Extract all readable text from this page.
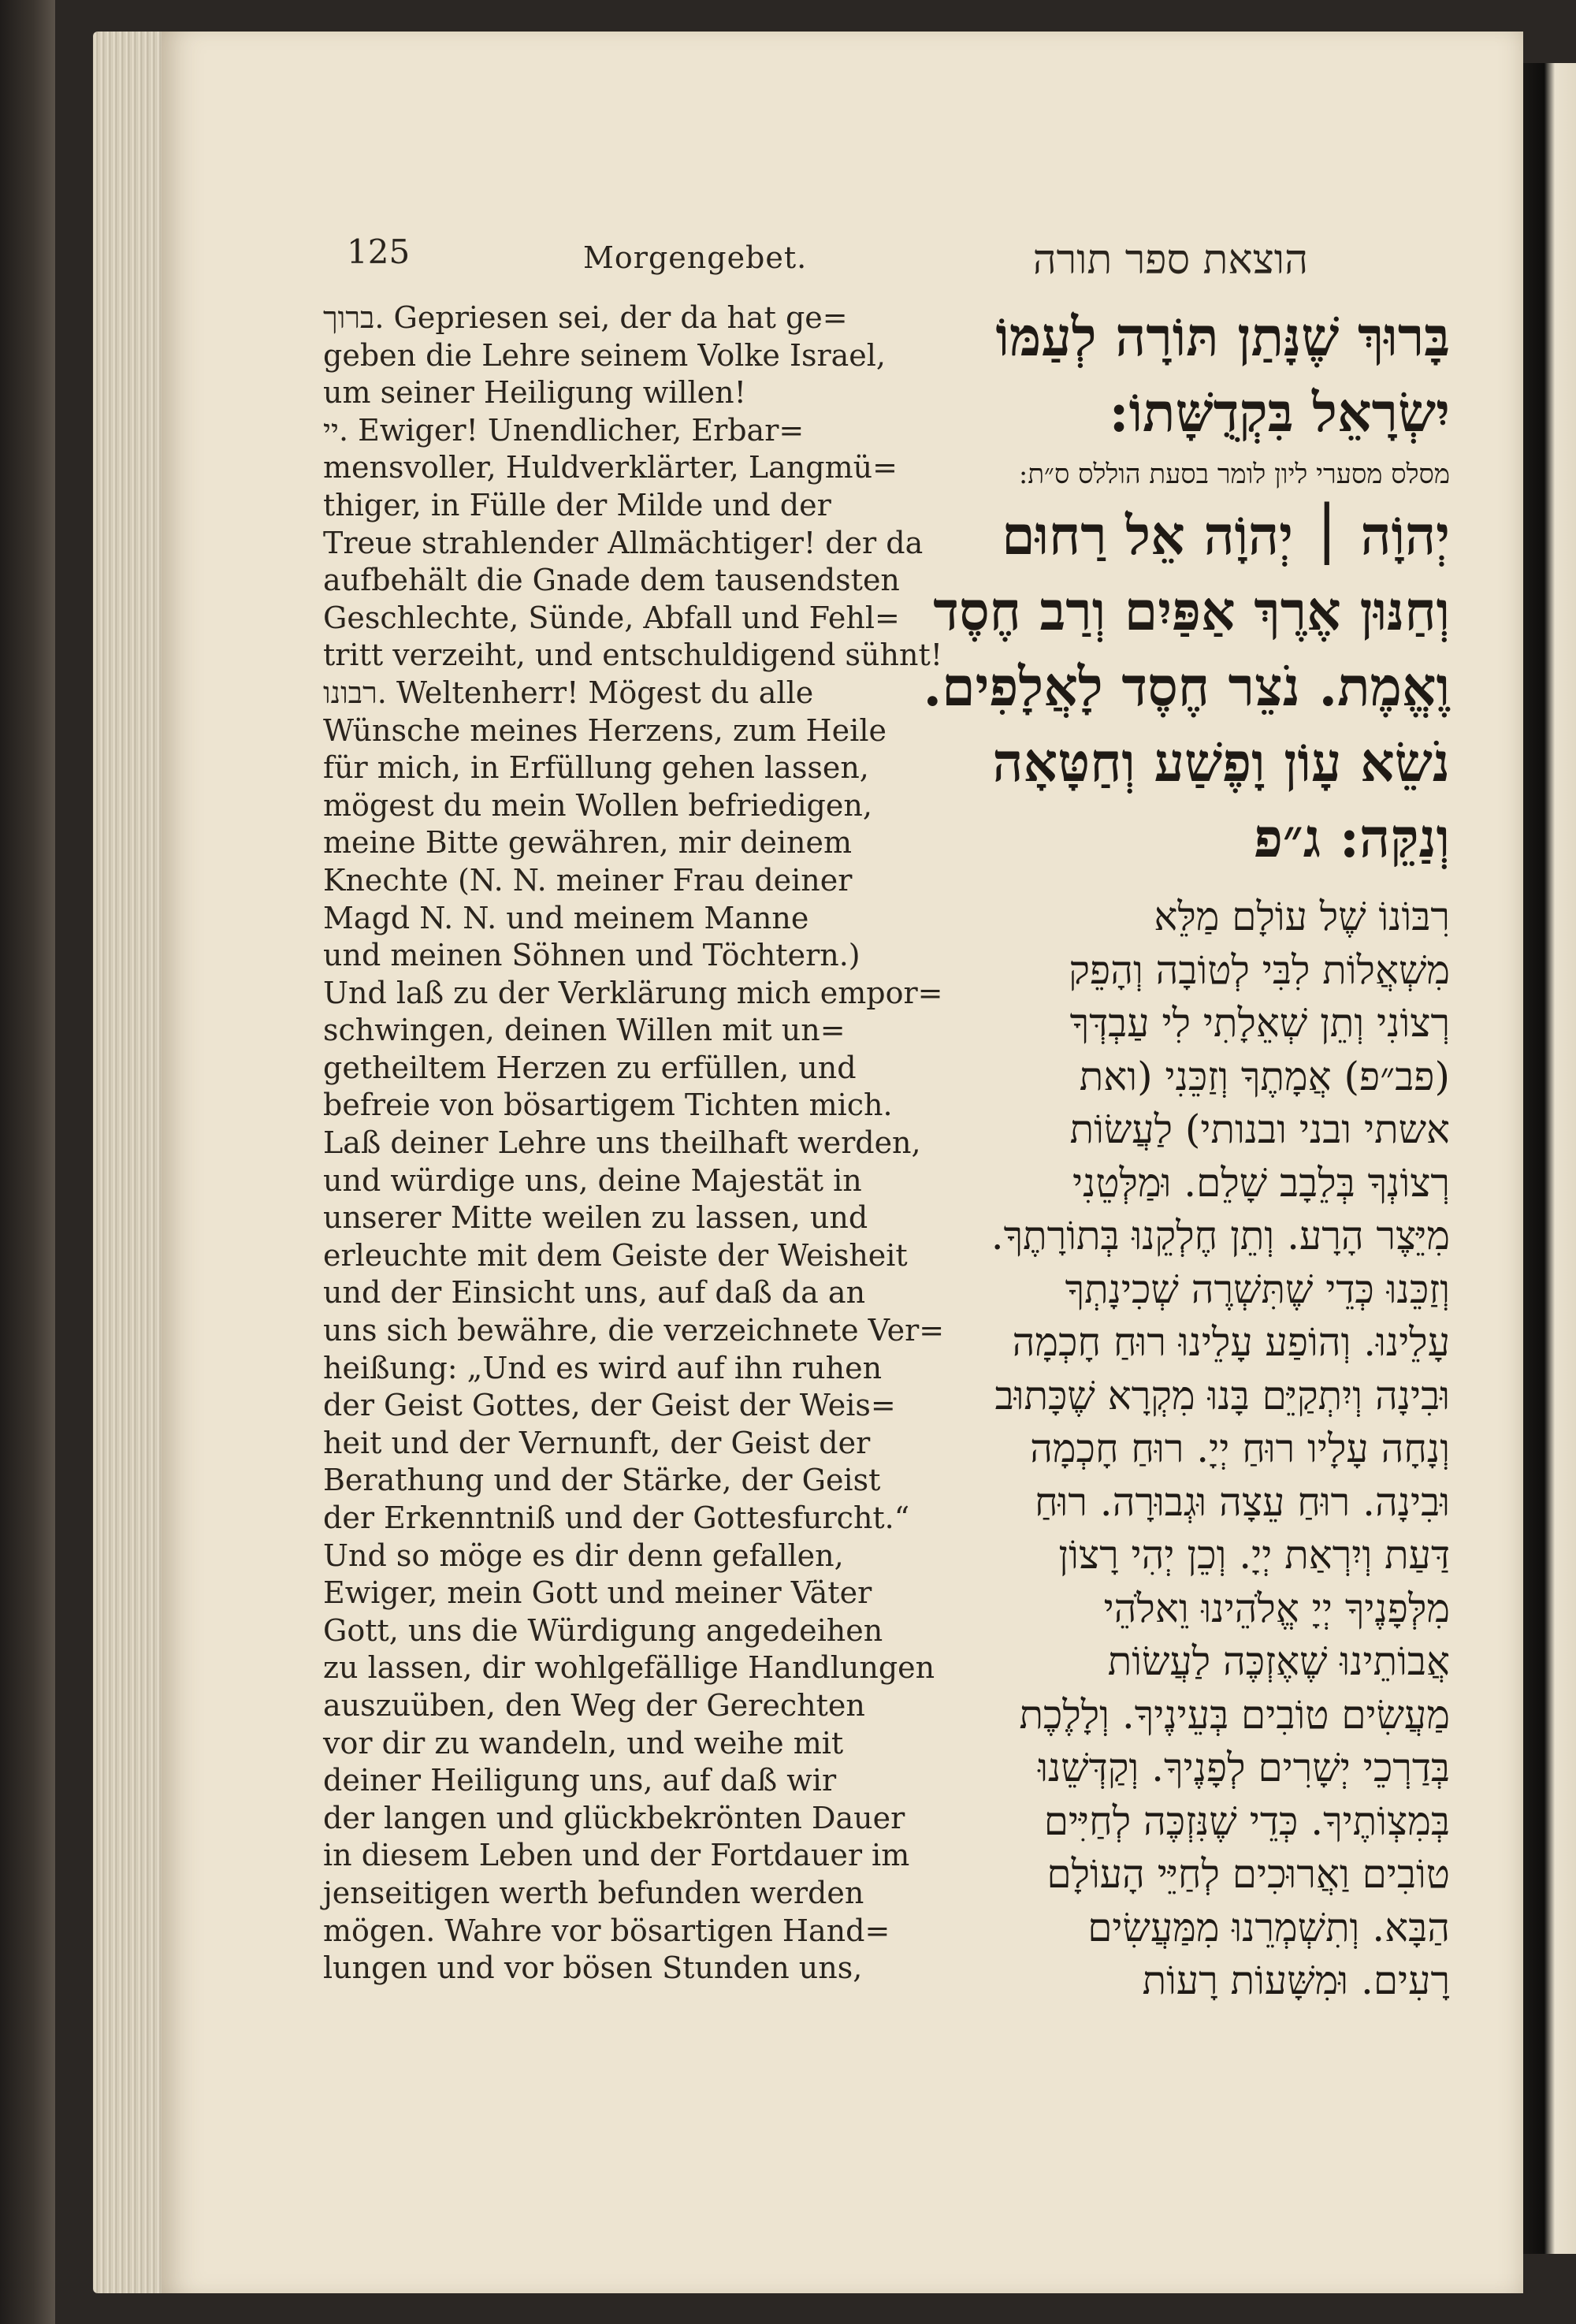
125	Morgengebet.	הוצאת ספר תורה
ברוך. Gepriesen sei, der da hat ge=
geben die Lehre seinem Volke Israel,
um seiner Heiligung willen!
יי. Ewiger! Unendlicher, Erbar=
mensvoller, Huldverklärter, Langmü=
thiger, in Fülle der Milde und der
Treue strahlender Allmächtiger! der da
aufbehält die Gnade dem tausendsten
Geschlechte, Sünde, Abfall und Fehl=
tritt verzeiht, und entschuldigend sühnt!
רבונו. Weltenherr! Mögest du alle
Wünsche meines Herzens, zum Heile
für mich, in Erfüllung gehen lassen,
mögest du mein Wollen befriedigen,
meine Bitte gewähren, mir deinem
Knechte (N. N. meiner Frau deiner
Magd N. N. und meinem Manne
und meinen Söhnen und Töchtern.)
Und laß zu der Verklärung mich empor=
schwingen, deinen Willen mit un=
getheiltem Herzen zu erfüllen, und
befreie von bösartigem Tichten mich.
Laß deiner Lehre uns theilhaft werden,
und würdige uns, deine Majestät in
unserer Mitte weilen zu lassen, und
erleuchte mit dem Geiste der Weisheit
und der Einsicht uns, auf daß da an
uns sich bewähre, die verzeichnete Ver=
heißung: „Und es wird auf ihn ruhen
der Geist Gottes, der Geist der Weis=
heit und der Vernunft, der Geist der
Berathung und der Stärke, der Geist
der Erkenntniß und der Gottesfurcht.“
Und so möge es dir denn gefallen,
Ewiger, mein Gott und meiner Väter
Gott, uns die Würdigung angedeihen
zu lassen, dir wohlgefällige Handlungen
auszuüben, den Weg der Gerechten
vor dir zu wandeln, und weihe mit
deiner Heiligung uns, auf daß wir
der langen und glückbekrönten Dauer
in diesem Leben und der Fortdauer im
jenseitigen werth befunden werden
mögen. Wahre vor bösartigen Hand=
lungen und vor bösen Stunden uns,
בָּרוּךְ שֶׁנָּתַן תּוֹרָה לְעַמּוֹ
יִשְׂרָאֵל בִּקְדֻשָּׁתוֹ:
מסלס מסערי ליון לומר בסעת הוללס ס״ת:
יְהוָֹה ׀ יְהוָֹה אֵל רַחוּם
וְחַנּוּן אֶרֶךְ אַפַּיִם וְרַב חֶסֶד
וֶאֱמֶת. נֹצֵר חֶסֶד לָאֲלָפִים.
נֹשֵׂא עָוֹן וָפֶשַׁע וְחַטָּאָה
וְנַקֵּה: ג״פ
רִבּוֹנוֹ שֶׁל עוֹלָם מַלֵּא
מִשְׁאֲלוֹת לִבִּי לְטוֹבָה וְהָפֵק
רְצוֹנִי וְתֵן שְׁאֵלָתִי לִי עַבְדְּךָ
(פב״פ) אֲמָתֶךָ וְזַכֵּנִי (ואת
אשתי ובני ובנותי) לַעֲשׂוֹת
רְצוֹנְךָ בְּלֵבָב שָׁלֵם. וּמַלְּטֵנִי
מִיֵּצֶר הָרָע. וְתֵן חֶלְקֵנוּ בְּתוֹרָתֶךָ.
וְזַכֵּנוּ כְּדֵי שֶׁתִּשְׁרֶה שְׁכִינָתְךָ
עָלֵינוּ. וְהוֹפַע עָלֵינוּ רוּחַ חָכְמָה
וּבִינָה וְיִתְקַיֵּם בָּנוּ מִקְרָא שֶׁכָּתוּב
וְנָחָה עָלָיו רוּחַ יְיָ. רוּחַ חָכְמָה
וּבִינָה. רוּחַ עֵצָה וּגְבוּרָה. רוּחַ
דַּעַת וְיִרְאַת יְיָ. וְכֵן יְהִי רָצוֹן
מִלְּפָנֶיךָ יְיָ אֱלֹהֵינוּ וֵאלֹהֵי
אֲבוֹתֵינוּ שֶׁאֶזְכֶּה לַעֲשׂוֹת
מַעֲשִׂים טוֹבִים בְּעֵינֶיךָ. וְלָלֶכֶת
בְּדַרְכֵי יְשָׁרִים לְפָנֶיךָ. וְקַדְּשֵׁנוּ
בְּמִצְוֹתֶיךָ. כְּדֵי שֶׁנִּזְכֶּה לְחַיִּים
טוֹבִים וַאֲרוּכִים לְחַיֵּי הָעוֹלָם
הַבָּא. וְתִשְׁמְרֵנוּ מִמַּעֲשִׂים
רָעִים. וּמִשָּׁעוֹת רָעוֹת
